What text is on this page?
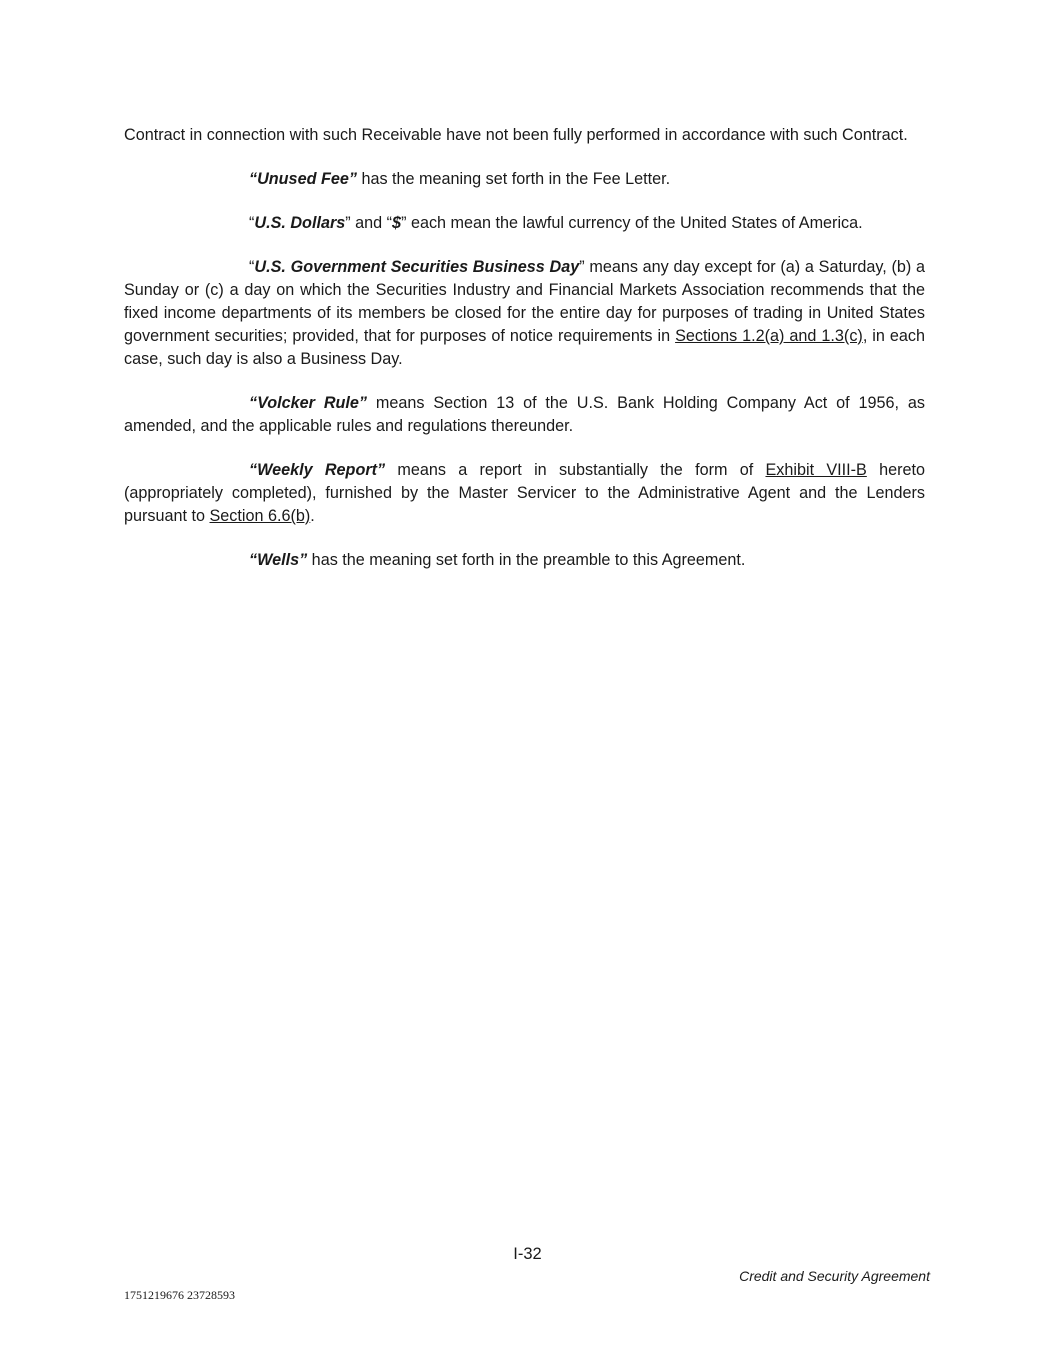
Contract in connection with such Receivable have not been fully performed in accordance with such Contract.

“Unused Fee” has the meaning set forth in the Fee Letter.

“U.S. Dollars” and “$” each mean the lawful currency of the United States of America.

“U.S. Government Securities Business Day” means any day except for (a) a Saturday, (b) a Sunday or (c) a day on which the Securities Industry and Financial Markets Association recommends that the fixed income departments of its members be closed for the entire day for purposes of trading in United States government securities; provided, that for purposes of notice requirements in Sections 1.2(a) and 1.3(c), in each case, such day is also a Business Day.

“Volcker Rule” means Section 13 of the U.S. Bank Holding Company Act of 1956, as amended, and the applicable rules and regulations thereunder.

“Weekly Report” means a report in substantially the form of Exhibit VIII-B hereto (appropriately completed), furnished by the Master Servicer to the Administrative Agent and the Lenders pursuant to Section 6.6(b).

“Wells” has the meaning set forth in the preamble to this Agreement.

I-32
Credit and Security Agreement
1751219676 23728593
